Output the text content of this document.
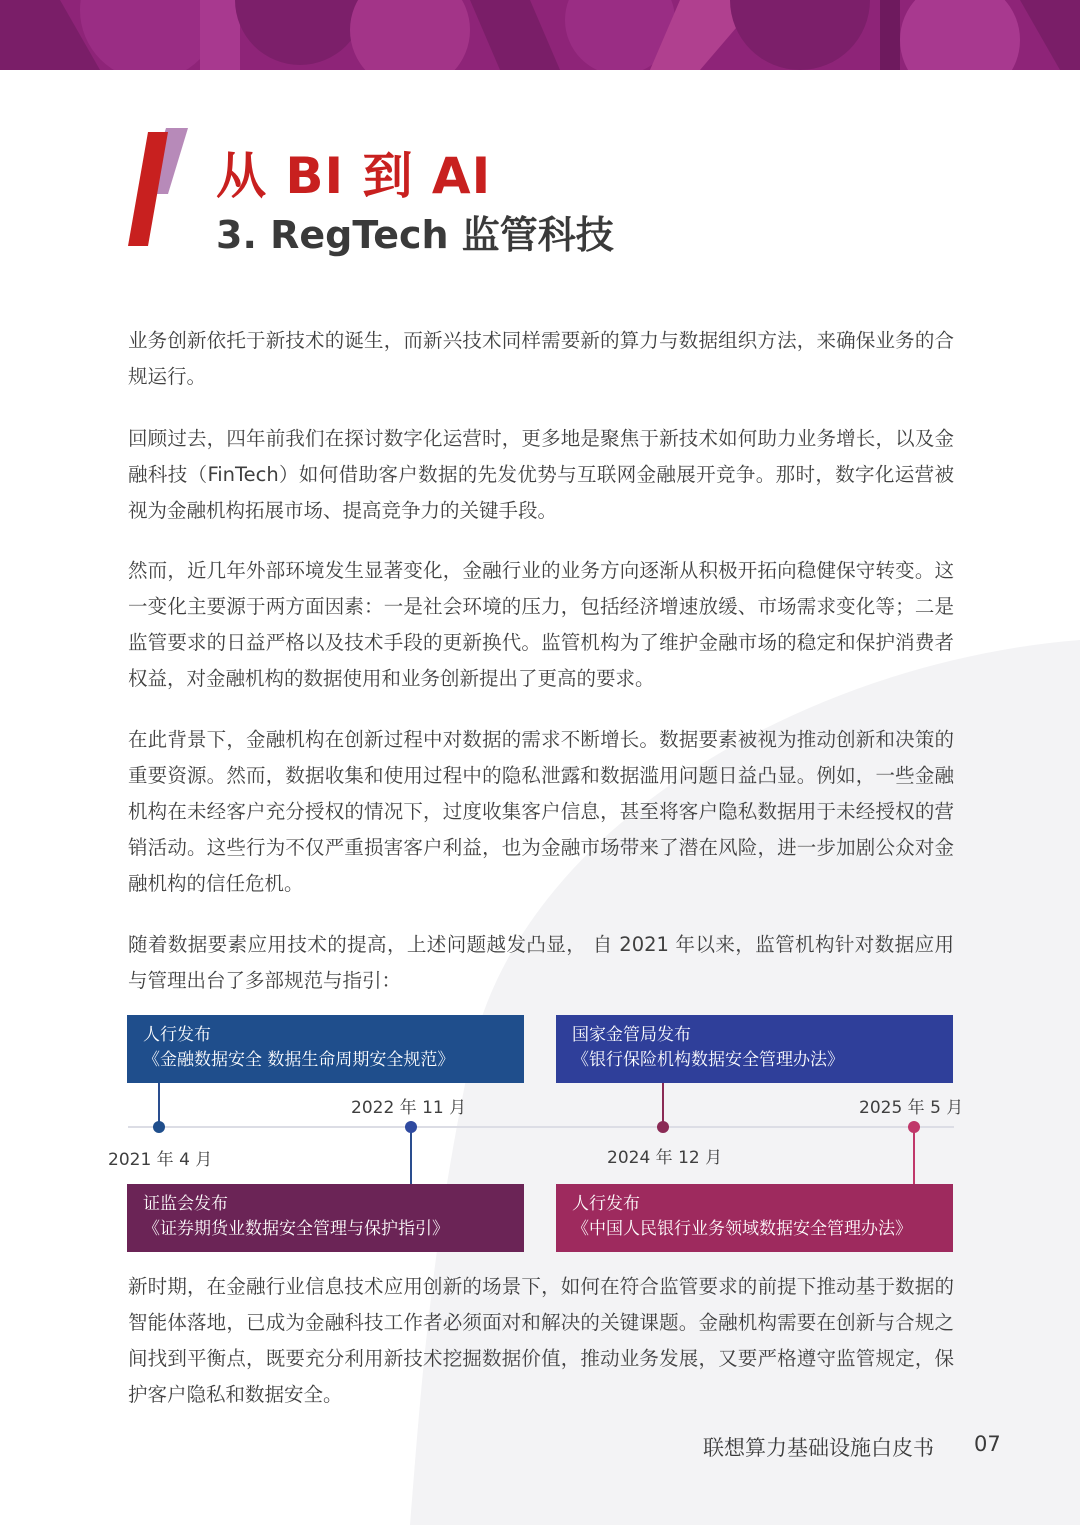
从 BI 到 AI
3. RegTech 监管科技

业务创新依托于新技术的诞生，而新兴技术同样需要新的算力与数据组织方法，来确保业务的合规运行。

回顾过去，四年前我们在探讨数字化运营时，更多地是聚焦于新技术如何助力业务增长，以及金融科技（FinTech）如何借助客户数据的先发优势与互联网金融展开竞争。那时，数字化运营被视为金融机构拓展市场、提高竞争力的关键手段。

然而，近几年外部环境发生显著变化，金融行业的业务方向逐渐从积极开拓向稳健保守转变。这一变化主要源于两方面因素：一是社会环境的压力，包括经济增速放缓、市场需求变化等；二是监管要求的日益严格以及技术手段的更新换代。监管机构为了维护金融市场的稳定和保护消费者权益，对金融机构的数据使用和业务创新提出了更高的要求。

在此背景下，金融机构在创新过程中对数据的需求不断增长。数据要素被视为推动创新和决策的重要资源。然而，数据收集和使用过程中的隐私泄露和数据滥用问题日益凸显。例如，一些金融机构在未经客户充分授权的情况下，过度收集客户信息，甚至将客户隐私数据用于未经授权的营销活动。这些行为不仅严重损害客户利益，也为金融市场带来了潜在风险，进一步加剧公众对金融机构的信任危机。

随着数据要素应用技术的提高，上述问题越发凸显， 自 2021 年以来，监管机构针对数据应用与管理出台了多部规范与指引：

人行发布
《金融数据安全 数据生命周期安全规范》
2021 年 4 月
证监会发布
《证券期货业数据安全管理与保护指引》
2022 年 11 月
国家金管局发布
《银行保险机构数据安全管理办法》
2024 年 12 月
人行发布
《中国人民银行业务领域数据安全管理办法》
2025 年 5 月

新时期，在金融行业信息技术应用创新的场景下，如何在符合监管要求的前提下推动基于数据的智能体落地，已成为金融科技工作者必须面对和解决的关键课题。金融机构需要在创新与合规之间找到平衡点，既要充分利用新技术挖掘数据价值，推动业务发展，又要严格遵守监管规定，保护客户隐私和数据安全。

联想算力基础设施白皮书 07
